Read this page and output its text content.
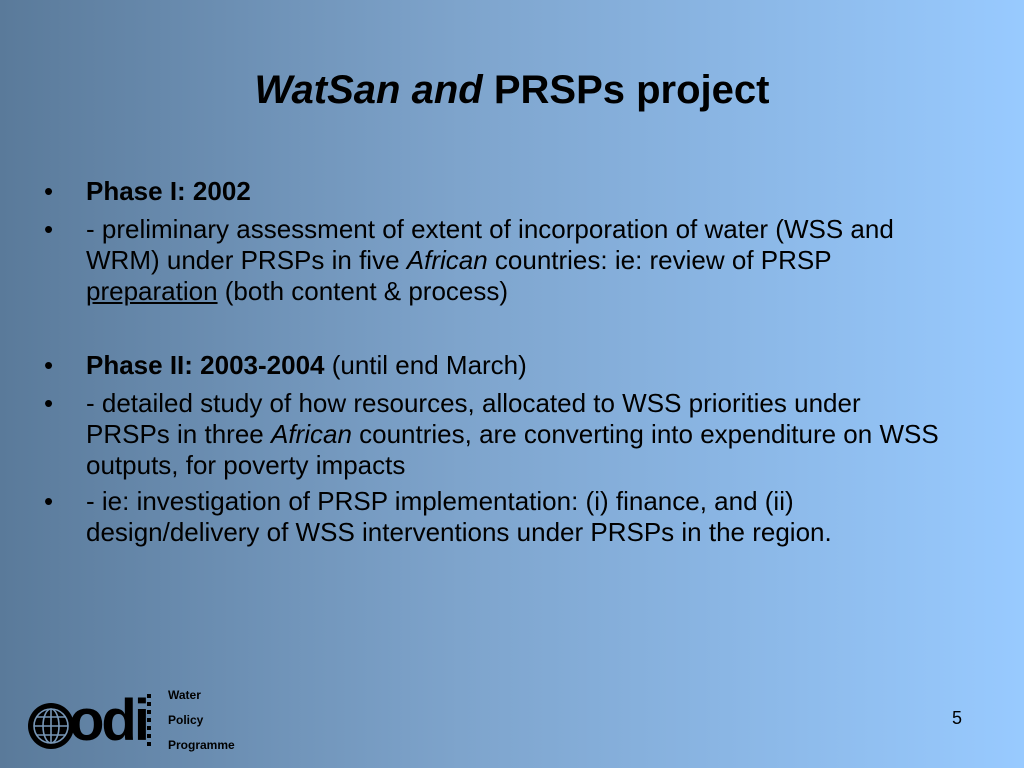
WatSan and PRSPs project
•	Phase I: 2002
•	- preliminary assessment of extent of incorporation of water (WSS and WRM) under PRSPs in five African countries: ie: review of PRSP preparation (both content & process)
•	Phase II: 2003-2004 (until end March)
•	- detailed study of how resources, allocated to WSS priorities under PRSPs in three African countries, are converting into expenditure on WSS outputs, for poverty impacts
•	- ie: investigation of PRSP implementation: (i) finance, and (ii) design/delivery of WSS interventions under PRSPs in the region.
odi Water
Policy
Programme
5
